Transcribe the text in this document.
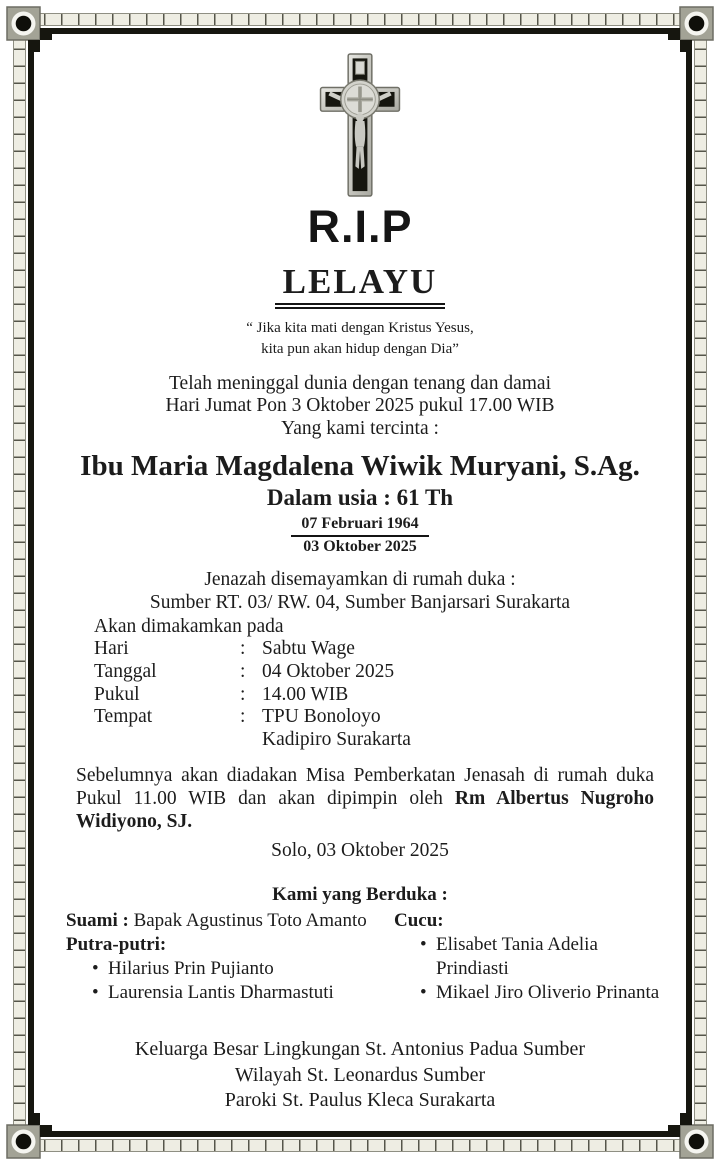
R.I.P
LELAYU
“ Jika kita mati dengan Kristus Yesus,
kita pun akan hidup dengan Dia”
Telah meninggal dunia dengan tenang dan damai
Hari Jumat Pon 3 Oktober 2025 pukul 17.00 WIB
Yang kami tercinta :
Ibu Maria Magdalena Wiwik Muryani, S.Ag.
Dalam usia : 61 Th
07 Februari 1964
03 Oktober 2025
Jenazah disemayamkan di rumah duka :
Sumber RT. 03/ RW. 04, Sumber Banjarsari Surakarta
Akan dimakamkan pada
Hari	: Sabtu Wage
Tanggal	: 04 Oktober 2025
Pukul	: 14.00 WIB
Tempat	: TPU Bonoloyo
Kadipiro Surakarta
Sebelumnya akan diadakan Misa Pemberkatan Jenasah di rumah duka Pukul 11.00 WIB dan akan dipimpin oleh Rm Albertus Nugroho Widiyono, SJ.
Solo, 03 Oktober 2025
Kami yang Berduka :
Suami : Bapak Agustinus Toto Amanto
Putra-putri:
• Hilarius Prin Pujianto
• Laurensia Lantis Dharmastuti
Cucu:
• Elisabet Tania Adelia Prindiasti
• Mikael Jiro Oliverio Prinanta
Keluarga Besar Lingkungan St. Antonius Padua Sumber
Wilayah St. Leonardus Sumber
Paroki St. Paulus Kleca Surakarta
